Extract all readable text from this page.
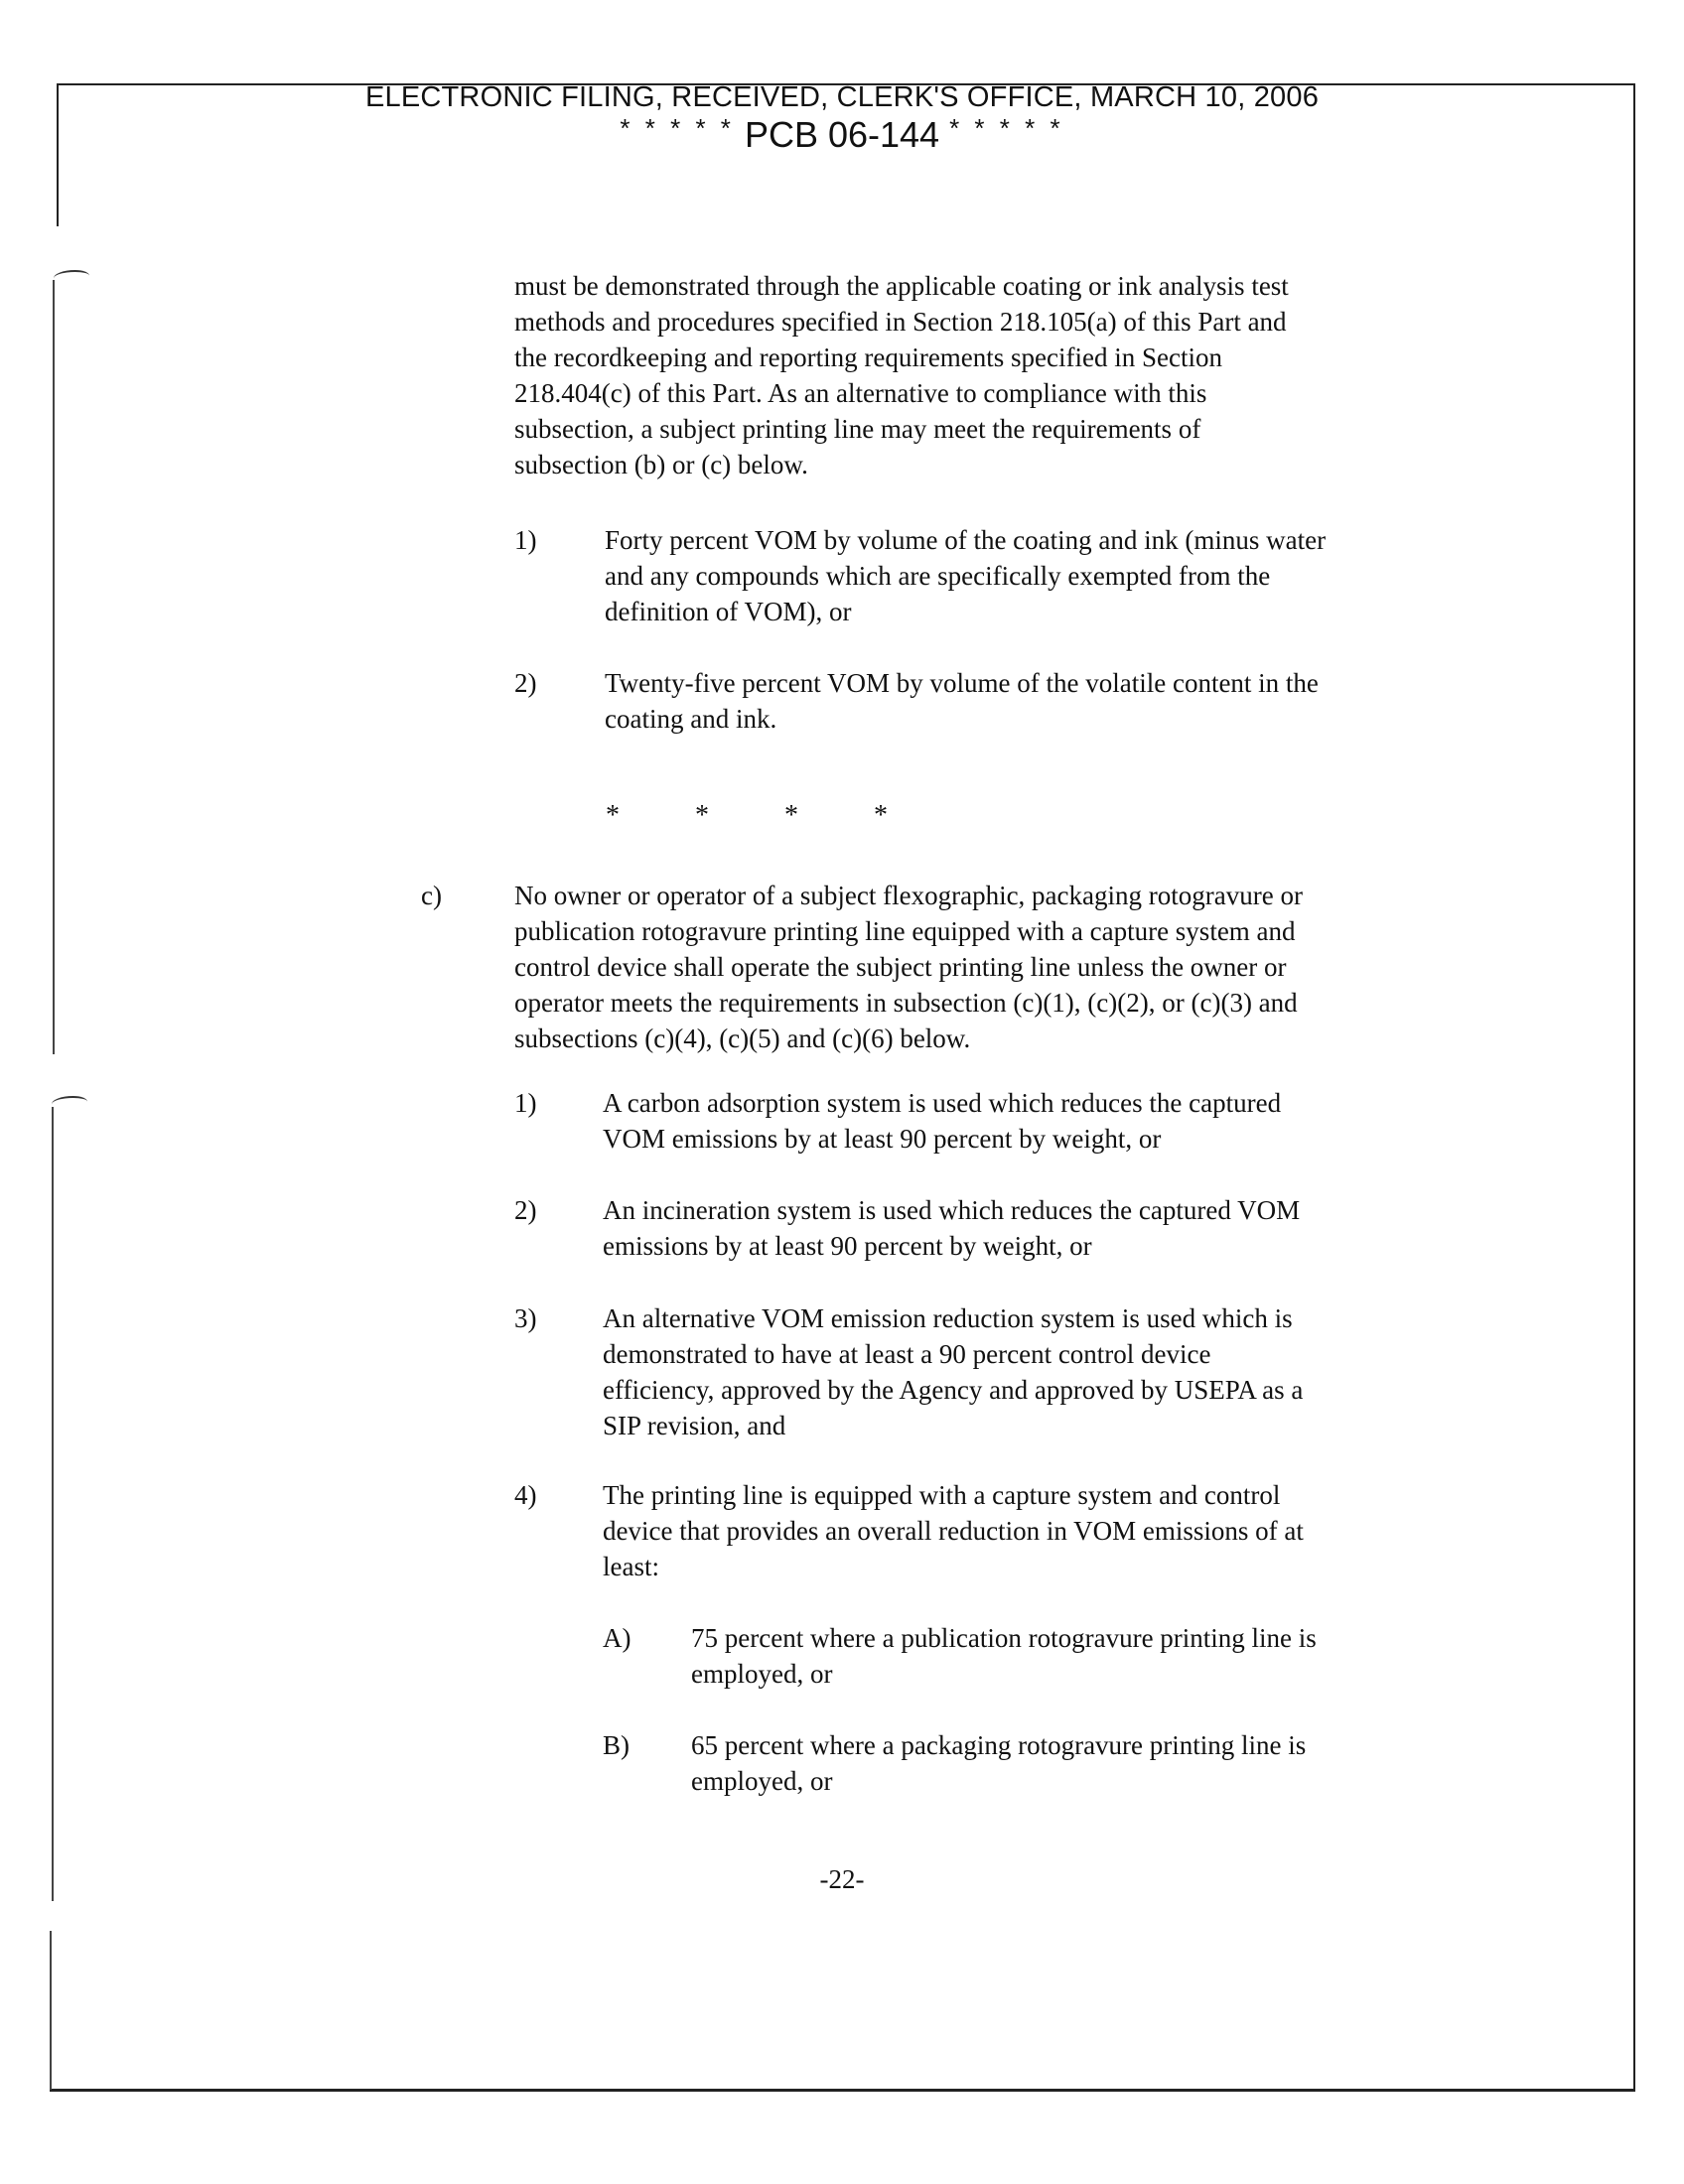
ELECTRONIC FILING, RECEIVED, CLERK'S OFFICE, MARCH 10, 2006
* * * * * PCB 06-144 * * * * *
must be demonstrated through the applicable coating or ink analysis test
methods and procedures specified in Section 218.105(a) of this Part and
the recordkeeping and reporting requirements specified in Section
218.404(c) of this Part. As an alternative to compliance with this
subsection, a subject printing line may meet the requirements of
subsection (b) or (c) below.
1)	Forty percent VOM by volume of the coating and ink (minus water
and any compounds which are specifically exempted from the
definition of VOM), or
2)	Twenty-five percent VOM by volume of the volatile content in the
coating and ink.
*	*	*	*
c)	No owner or operator of a subject flexographic, packaging rotogravure or
publication rotogravure printing line equipped with a capture system and
control device shall operate the subject printing line unless the owner or
operator meets the requirements in subsection (c)(1), (c)(2), or (c)(3) and
subsections (c)(4), (c)(5) and (c)(6) below.
1) A carbon adsorption system is used which reduces the captured
VOM emissions by at least 90 percent by weight, or
2) An incineration system is used which reduces the captured VOM
emissions by at least 90 percent by weight, or
3) An alternative VOM emission reduction system is used which is
demonstrated to have at least a 90 percent control device
efficiency, approved by the Agency and approved by USEPA as a
SIP revision, and
4) The printing line is equipped with a capture system and control
device that provides an overall reduction in VOM emissions of at
least:
A) 75 percent where a publication rotogravure printing line is
employed, or
B) 65 percent where a packaging rotogravure printing line is
employed, or
-22-
